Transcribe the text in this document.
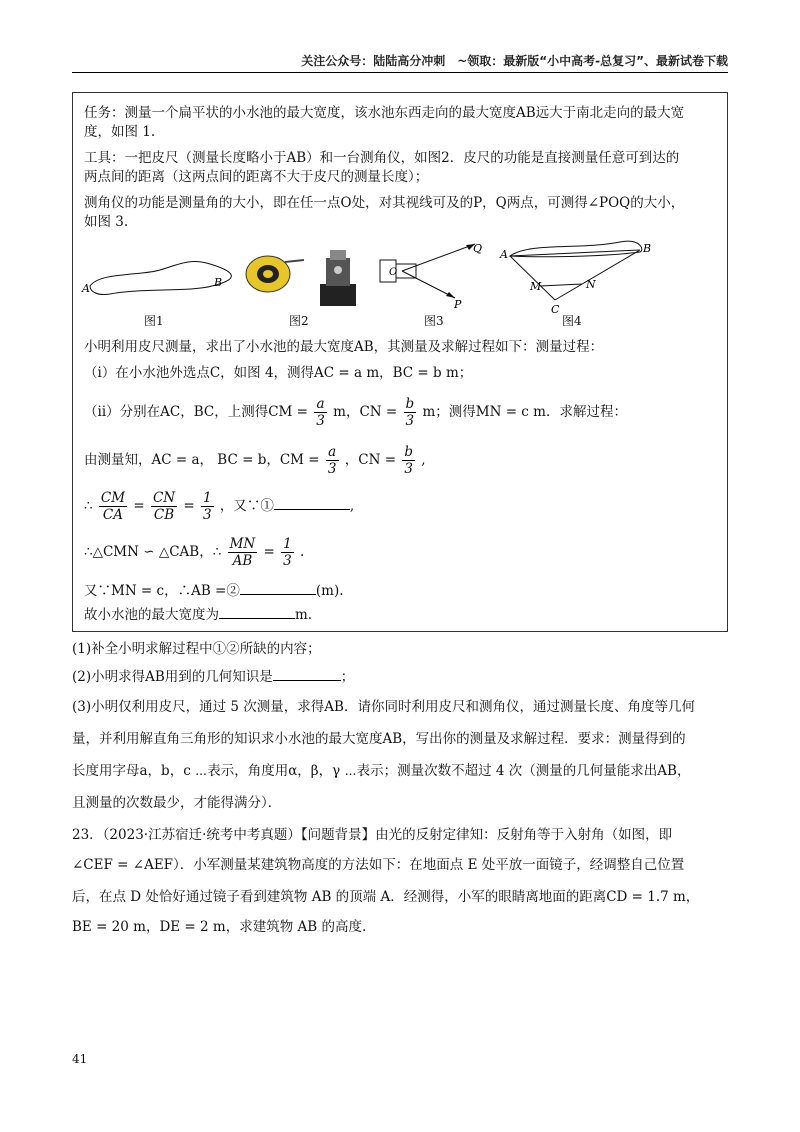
关注公众号：陆陆高分冲刺　~领取：最新版“小中高考-总复习”、最新试卷下载
任务：测量一个扁平状的小水池的最大宽度，该水池东西走向的最大宽度AB远大于南北走向的最大宽
度，如图 1.
工具：一把皮尺（测量长度略小于AB）和一台测角仪，如图2．皮尺的功能是直接测量任意可到达的
两点间的距离（这两点间的距离不大于皮尺的测量长度）；
测角仪的功能是测量角的大小，即在任一点O处，对其视线可及的P，Q两点，可测得∠POQ的大小，
如图 3.
A	B
O
Q
P
A	B
M	N
C
图1	图2	图3	图4
小明利用皮尺测量，求出了小水池的最大宽度AB，其测量及求解过程如下：测量过程：
（ⅰ）在小水池外选点C，如图 4，测得AC = a m，BC = b m；
（ⅱ）分别在AC，BC，上测得CM = $\frac{a}{3}$ m，CN = $\frac{b}{3}$ m；测得MN = c m．求解过程：
由测量知，AC = a， BC = b，CM = $\frac{a}{3}$ ，CN = $\frac{b}{3}$ ,
∴ $\frac{CM}{CA} = \frac{CN}{CB} = \frac{1}{3}$ ，又∵①	,
∴△CMN ∽ △CAB，∴ $\frac{MN}{AB} = \frac{1}{3}$ .
又∵MN = c，∴AB =②	(m).
故小水池的最大宽度为	m.
(1)补全小明求解过程中①②所缺的内容；
(2)小明求得AB用到的几何知识是	；
(3)小明仅利用皮尺，通过 5 次测量，求得AB．请你同时利用皮尺和测角仪，通过测量长度、角度等几何
量，并利用解直角三角形的知识求小水池的最大宽度AB，写出你的测量及求解过程．要求：测量得到的
长度用字母a，b，c ⋯表示，角度用α，β，γ ⋯表示；测量次数不超过 4 次（测量的几何量能求出AB，
且测量的次数最少，才能得满分）．
23．（2023·江苏宿迁·统考中考真题）【问题背景】由光的反射定律知：反射角等于入射角（如图，即
∠CEF = ∠AEF）．小军测量某建筑物高度的方法如下：在地面点 E 处平放一面镜子，经调整自己位置
后，在点 D 处恰好通过镜子看到建筑物 AB 的顶端 A．经测得，小军的眼睛离地面的距离CD = 1.7 m，
BE = 20 m，DE = 2 m，求建筑物 AB 的高度.
41
